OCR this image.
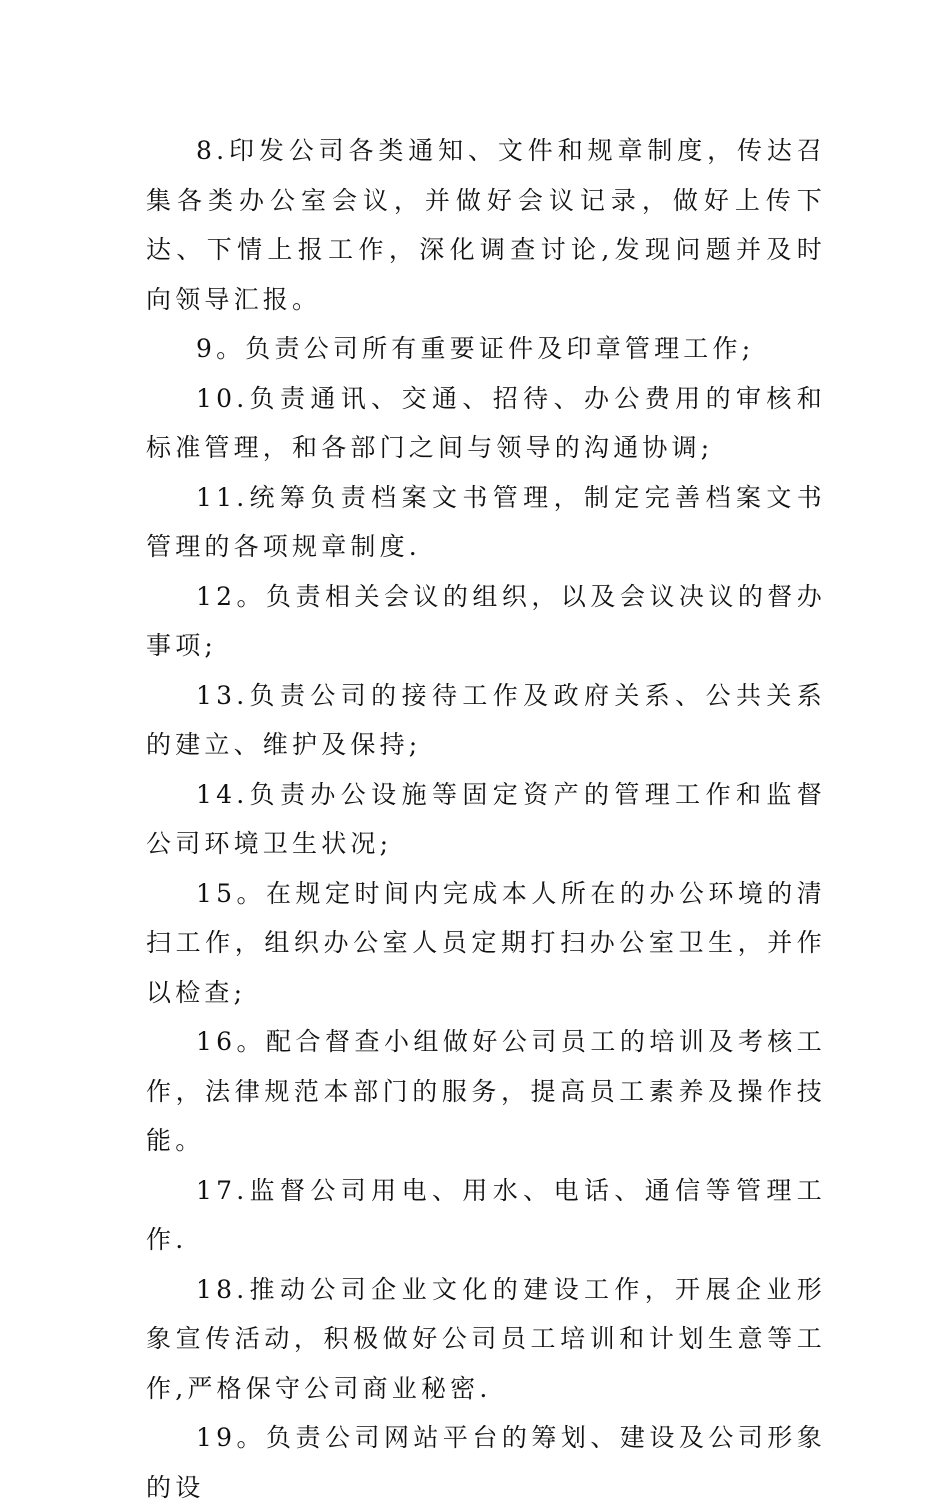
8.印发公司各类通知、文件和规章制度，传达召集各类办公室会议，并做好会议记录，做好上传下达、下情上报工作，深化调查讨论,发现问题并及时向领导汇报。

9。负责公司所有重要证件及印章管理工作;

10.负责通讯、交通、招待、办公费用的审核和标准管理，和各部门之间与领导的沟通协调;

11.统筹负责档案文书管理，制定完善档案文书管理的各项规章制度.

12。负责相关会议的组织，以及会议决议的督办事项;

13.负责公司的接待工作及政府关系、公共关系的建立、维护及保持;

14.负责办公设施等固定资产的管理工作和监督公司环境卫生状况;

15。在规定时间内完成本人所在的办公环境的清扫工作，组织办公室人员定期打扫办公室卫生，并作以检查;

16。配合督查小组做好公司员工的培训及考核工作，法律规范本部门的服务，提高员工素养及操作技能。

17.监督公司用电、用水、电话、通信等管理工作.

18.推动公司企业文化的建设工作，开展企业形象宣传活动，积极做好公司员工培训和计划生意等工作,严格保守公司商业秘密.

19。负责公司网站平台的筹划、建设及公司形象的设
